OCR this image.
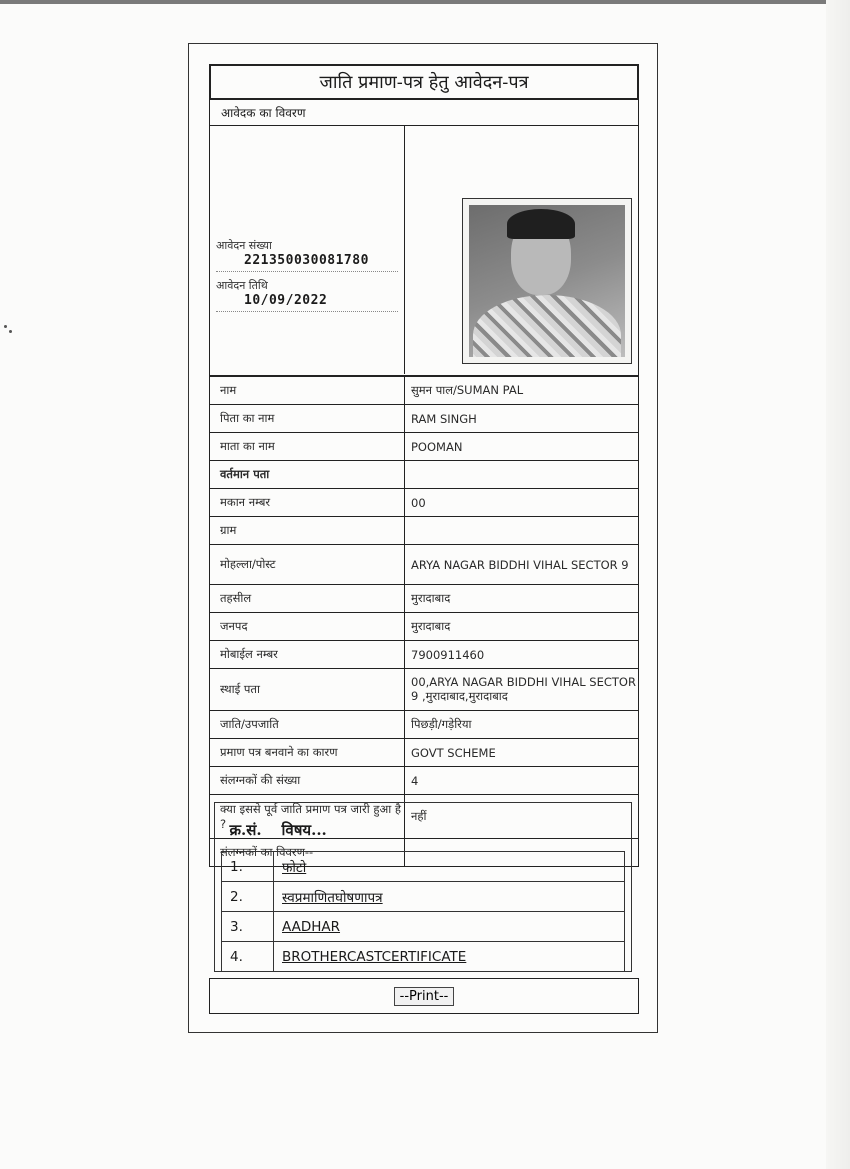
जाति प्रमाण-पत्र हेतु आवेदन-पत्र
आवेदक का विवरण
आवेदन संख्या
221350030081780
आवेदन तिथि
10/09/2022
नाम	सुमन पाल/SUMAN PAL
पिता का नाम	RAM SINGH
माता का नाम	POOMAN
वर्तमान पता	
मकान नम्बर	00
ग्राम	
मोहल्ला/पोस्ट	ARYA NAGAR BIDDHI VIHAL SECTOR 9
तहसील	मुरादाबाद
जनपद	मुरादाबाद
मोबाईल नम्बर	7900911460
स्थाई पता	00,ARYA NAGAR BIDDHI VIHAL SECTOR 9 ,मुरादाबाद,मुरादाबाद
जाति/उपजाति	पिछड़ी/गड़ेरिया
प्रमाण पत्र बनवाने का कारण	GOVT SCHEME
संलग्नकों की संख्या	4
क्या इससे पूर्व जाति प्रमाण पत्र जारी हुआ है ?	नहीं
संलग्नकों का विवरण--	
क्र.सं.	विषय...
1.	फोटो
2.	स्वप्रमाणितघोषणापत्र
3.	AADHAR
4.	BROTHERCASTCERTIFICATE
--Print--
